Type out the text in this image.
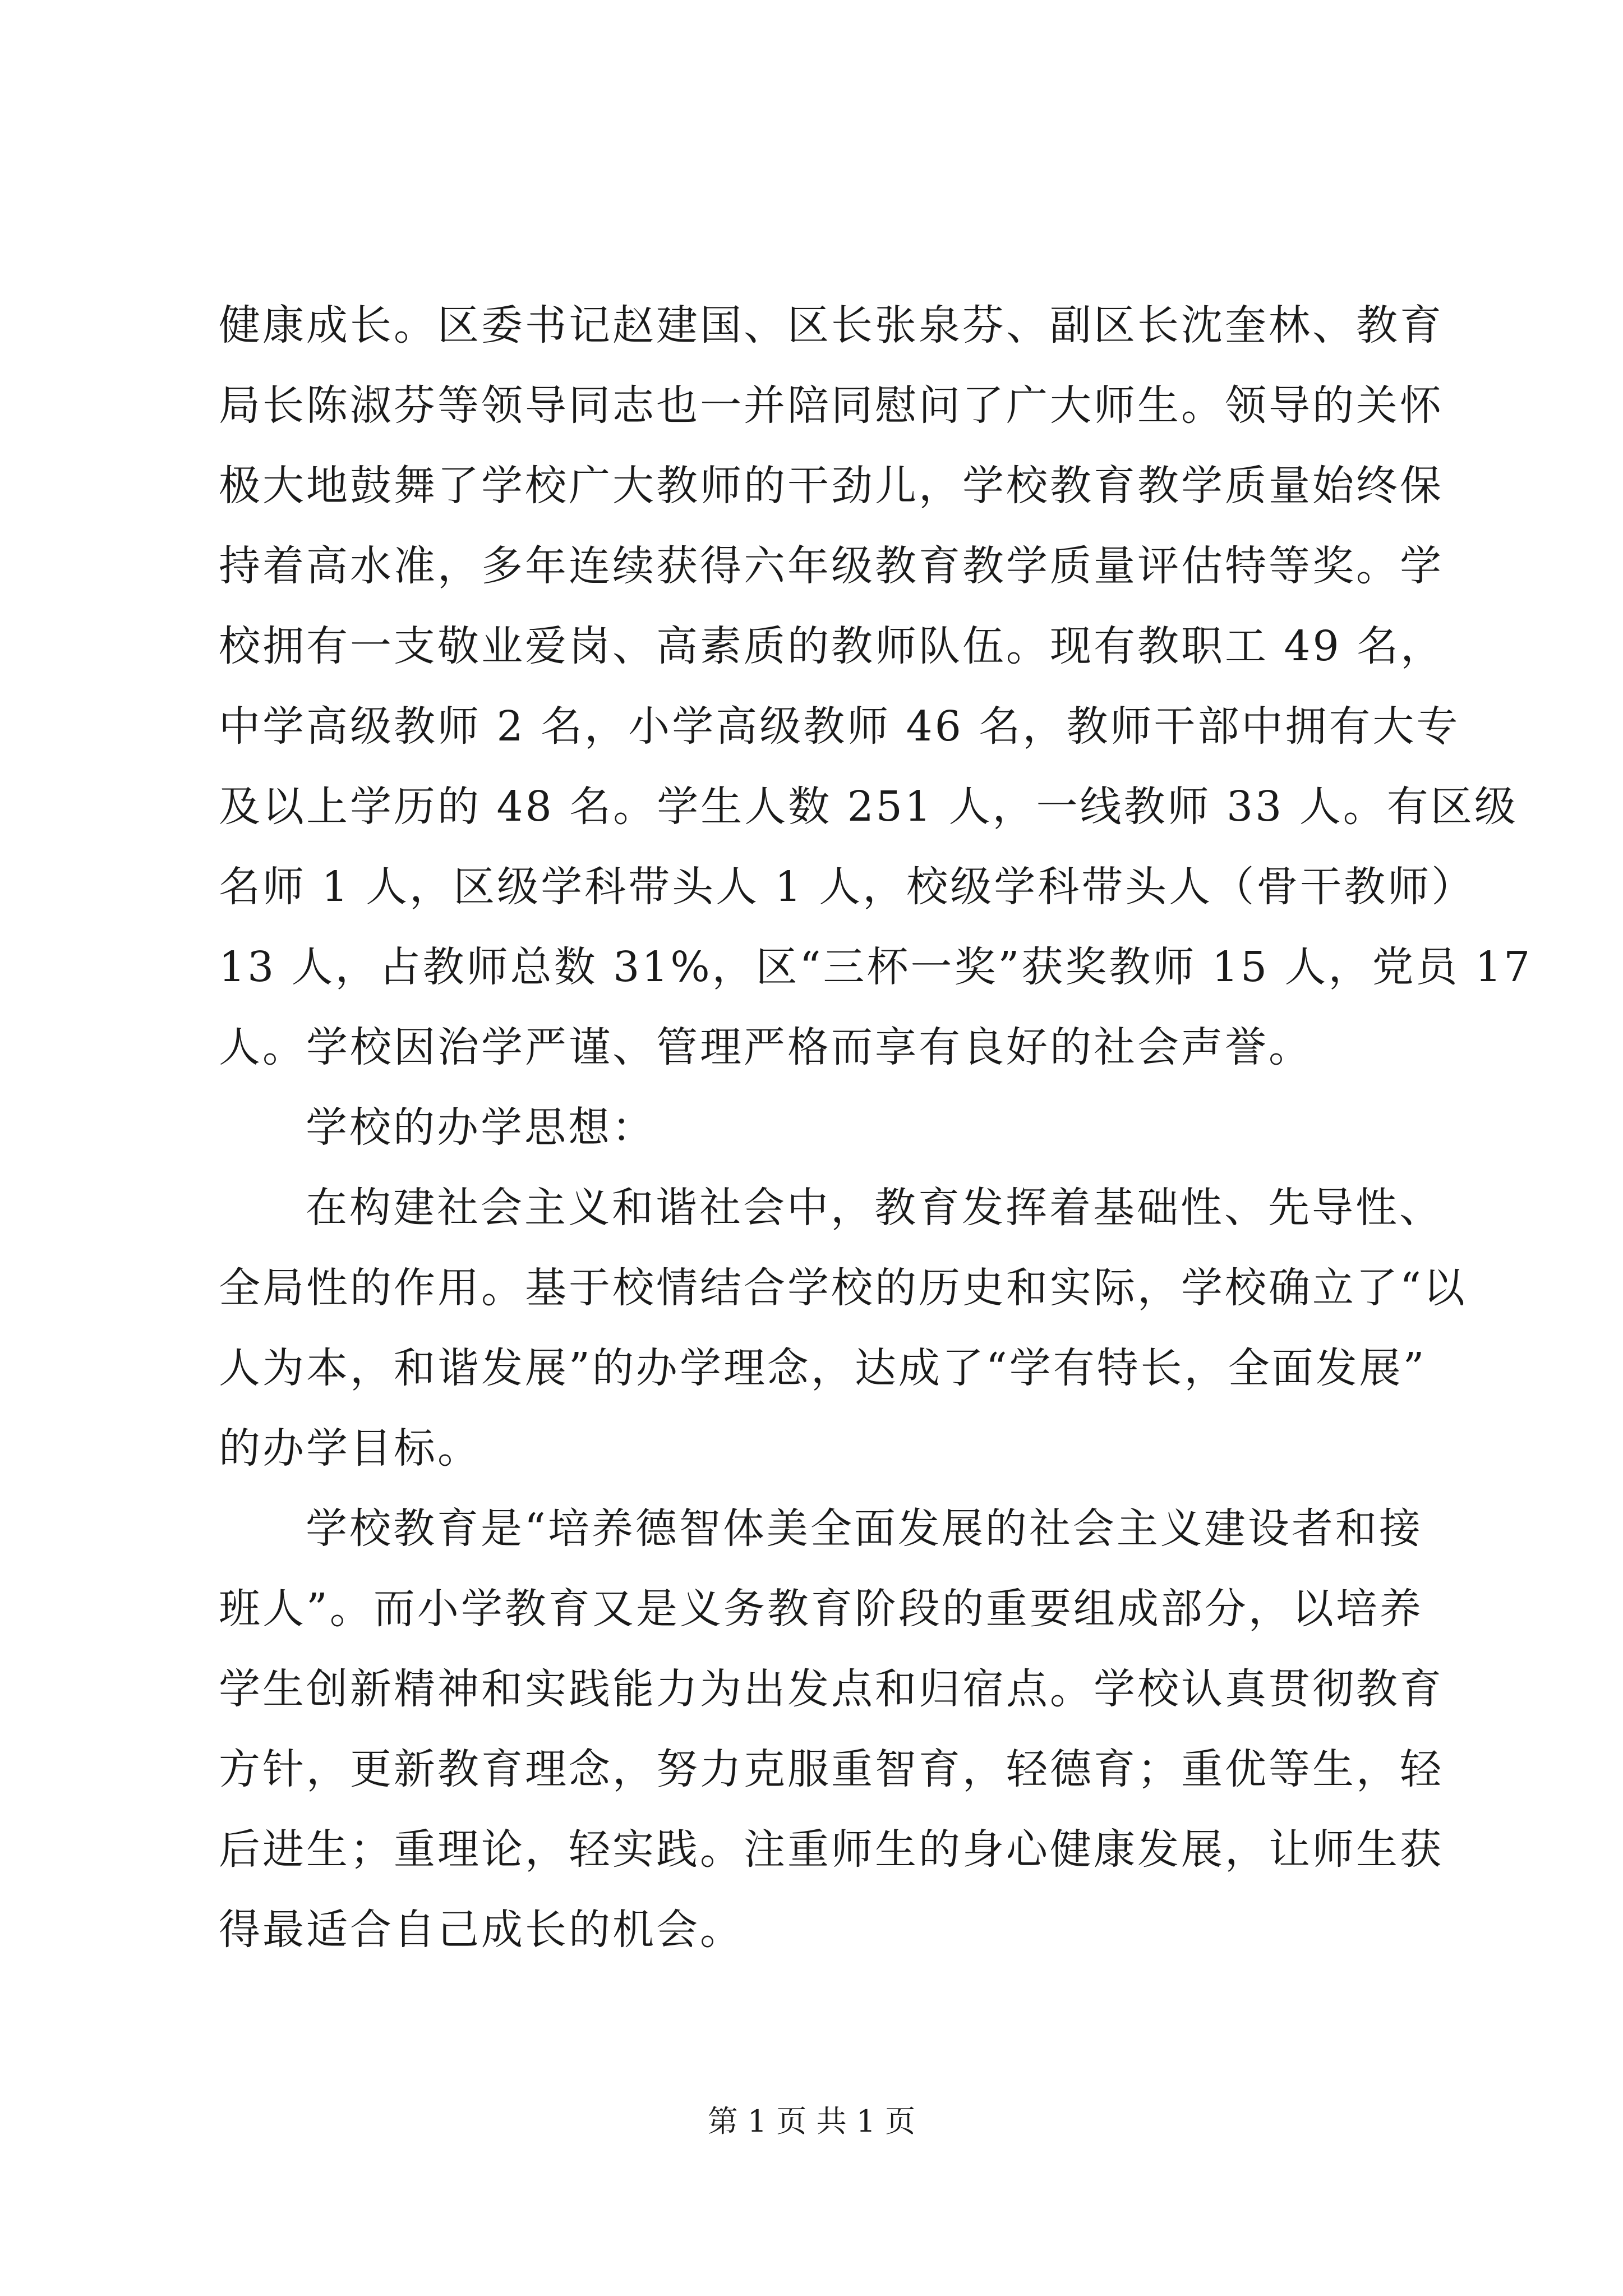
健康成长。区委书记赵建国、区长张泉芬、副区长沈奎林、教育
局长陈淑芬等领导同志也一并陪同慰问了广大师生。领导的关怀
极大地鼓舞了学校广大教师的干劲儿，学校教育教学质量始终保
持着高水准，多年连续获得六年级教育教学质量评估特等奖。学
校拥有一支敬业爱岗、高素质的教师队伍。现有教职工 49 名，
中学高级教师 2 名，小学高级教师 46 名，教师干部中拥有大专
及以上学历的 48 名。学生人数 251 人，一线教师 33 人。有区级
名师 1 人，区级学科带头人 1 人，校级学科带头人（骨干教师）
13 人，占教师总数 31%，区“三杯一奖”获奖教师 15 人，党员 17
人。学校因治学严谨、管理严格而享有良好的社会声誉。
学校的办学思想：
在构建社会主义和谐社会中，教育发挥着基础性、先导性、
全局性的作用。基于校情结合学校的历史和实际，学校确立了“以
人为本，和谐发展”的办学理念，达成了“学有特长，全面发展”
的办学目标。
学校教育是“培养德智体美全面发展的社会主义建设者和接
班人”。而小学教育又是义务教育阶段的重要组成部分，以培养
学生创新精神和实践能力为出发点和归宿点。学校认真贯彻教育
方针，更新教育理念，努力克服重智育，轻德育；重优等生，轻
后进生；重理论，轻实践。注重师生的身心健康发展，让师生获
得最适合自己成长的机会。
第 1 页 共 1 页
